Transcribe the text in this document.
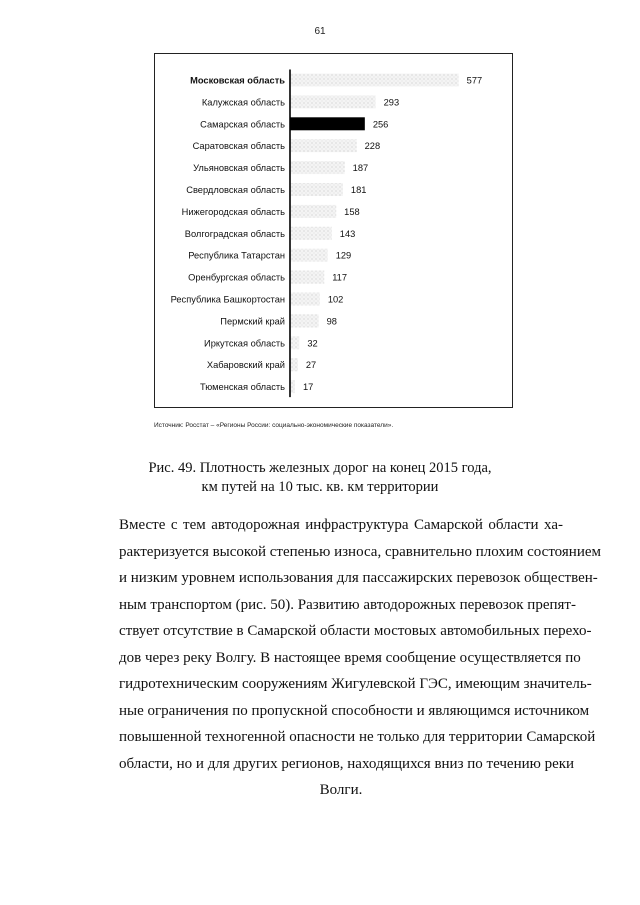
61
Московская область	577
Калужская область	293
Самарская область	256
Саратовская область	228
Ульяновская область	187
Свердловская область	181
Нижегородская область	158
Волгоградская область	143
Республика Татарстан	129
Оренбургская область	117
Республика Башкортостан	102
Пермский край	98
Иркутская область 32
Хабаровский край 27
Тюменская область 17
Источник: Росстат – «Регионы России: социально-экономические показатели».
Рис. 49. Плотность железных дорог на конец 2015 года,
км путей на 10 тыс. кв. км территории
Вместе с тем автодорожная инфраструктура Самарской области ха-
рактеризуется высокой степенью износа, сравнительно плохим состоянием
и низким уровнем использования для пассажирских перевозок обществен-
ным транспортом (рис. 50). Развитию автодорожных перевозок препят-
ствует отсутствие в Самарской области мостовых автомобильных перехо-
дов через реку Волгу. В настоящее время сообщение осуществляется по
гидротехническим сооружениям Жигулевской ГЭС, имеющим значитель-
ные ограничения по пропускной способности и являющимся источником
повышенной техногенной опасности не только для территории Самарской
области, но и для других регионов, находящихся вниз по течению реки
Волги.
